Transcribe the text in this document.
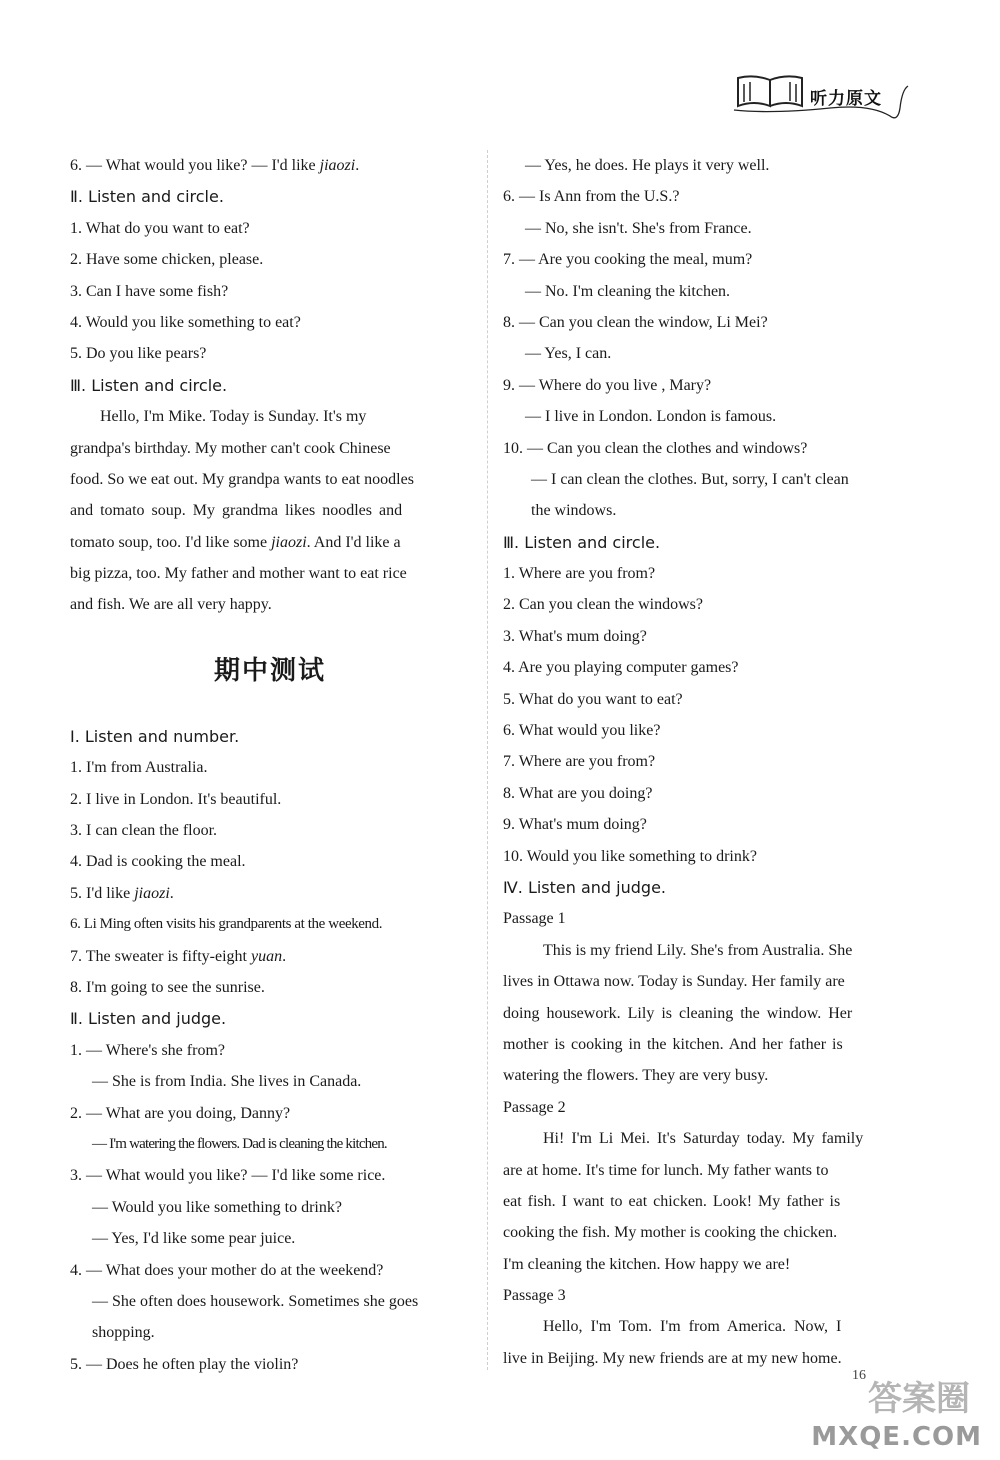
听力原文
6. — What would you like? — I'd like jiaozi.
Ⅱ. Listen and circle.
1. What do you want to eat?
2. Have some chicken, please.
3. Can I have some fish?
4. Would you like something to eat?
5. Do you like pears?
Ⅲ. Listen and circle.
Hello, I'm Mike. Today is Sunday. It's my
grandpa's birthday. My mother can't cook Chinese
food. So we eat out. My grandpa wants to eat noodles
and tomato soup. My grandma likes noodles and
tomato soup, too. I'd like some jiaozi. And I'd like a
big pizza, too. My father and mother want to eat rice
and fish. We are all very happy.
期中测试
Ⅰ. Listen and number.
1. I'm from Australia.
2. I live in London. It's beautiful.
3. I can clean the floor.
4. Dad is cooking the meal.
5. I'd like jiaozi.
6. Li Ming often visits his grandparents at the weekend.
7. The sweater is fifty-eight yuan.
8. I'm going to see the sunrise.
Ⅱ. Listen and judge.
1. — Where's she from?
— She is from India. She lives in Canada.
2. — What are you doing, Danny?
— I'm watering the flowers. Dad is cleaning the kitchen.
3. — What would you like? — I'd like some rice.
— Would you like something to drink?
— Yes, I'd like some pear juice.
4. — What does your mother do at the weekend?
— She often does housework. Sometimes she goes
shopping.
5. — Does he often play the violin?
— Yes, he does. He plays it very well.
6. — Is Ann from the U.S.?
— No, she isn't. She's from France.
7. — Are you cooking the meal, mum?
— No. I'm cleaning the kitchen.
8. — Can you clean the window, Li Mei?
— Yes, I can.
9. — Where do you live , Mary?
— I live in London. London is famous.
10. — Can you clean the clothes and windows?
— I can clean the clothes. But, sorry, I can't clean
the windows.
Ⅲ. Listen and circle.
1. Where are you from?
2. Can you clean the windows?
3. What's mum doing?
4. Are you playing computer games?
5. What do you want to eat?
6. What would you like?
7. Where are you from?
8. What are you doing?
9. What's mum doing?
10. Would you like something to drink?
Ⅳ. Listen and judge.
Passage 1
This is my friend Lily. She's from Australia. She
lives in Ottawa now. Today is Sunday. Her family are
doing housework. Lily is cleaning the window. Her
mother is cooking in the kitchen. And her father is
watering the flowers. They are very busy.
Passage 2
Hi! I'm Li Mei. It's Saturday today. My family
are at home. It's time for lunch. My father wants to
eat fish. I want to eat chicken. Look! My father is
cooking the fish. My mother is cooking the chicken.
I'm cleaning the kitchen. How happy we are!
Passage 3
Hello, I'm Tom. I'm from America. Now, I
live in Beijing. My new friends are at my new home.
16
答案圈
MXQE.COM
